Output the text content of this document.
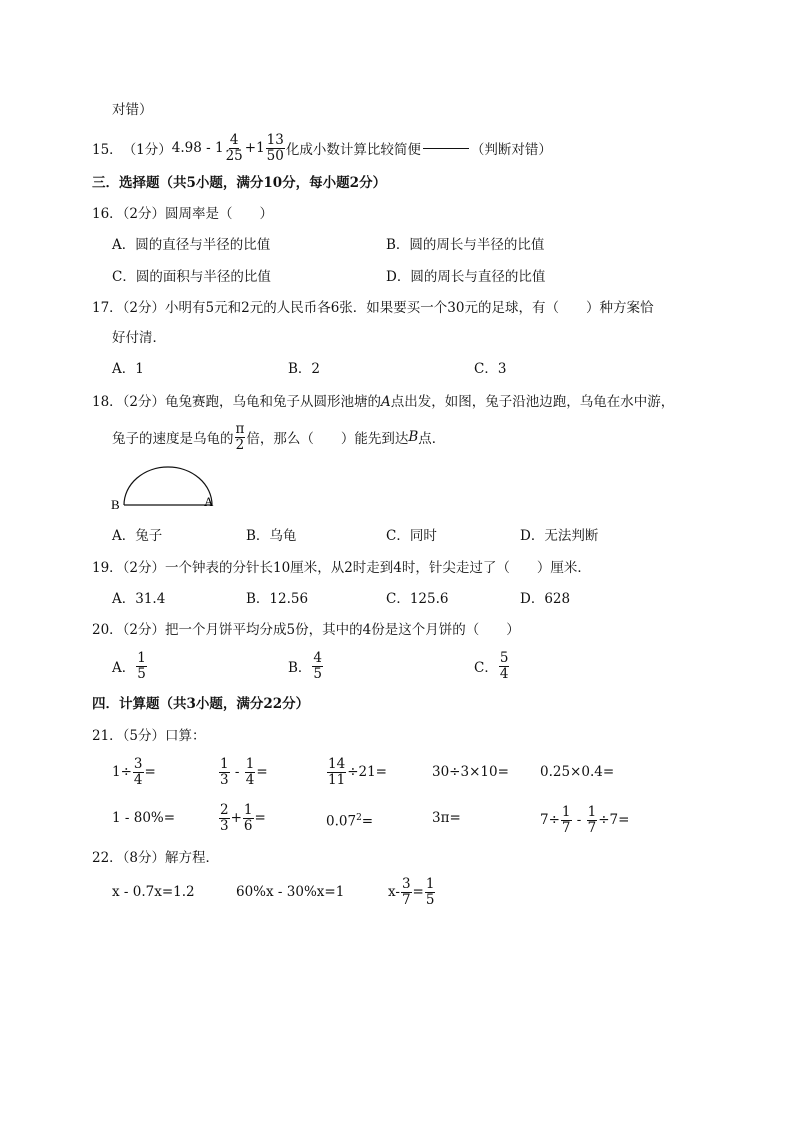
对错）
15． （1分） $4.98 - 1 \frac{4}{25} +1 \frac{13}{50}$ 化成小数计算比较简便	（判断对错）
三．选择题（共5小题，满分10分，每小题2分）
16．（2分）圆周率是（　　）
A．圆的直径与半径的比值	B．圆的周长与半径的比值
C．圆的面积与半径的比值	D．圆的周长与直径的比值
17．（2分）小明有5元和2元的人民币各6张．如果要买一个30元的足球，有（　　）种方案恰
好付清．
A．1	B．2	C．3
18．（2分）龟兔赛跑，乌龟和兔子从圆形池塘的A点出发，如图，兔子沿池边跑，乌龟在水中游，
兔子的速度是乌龟的 $\frac{\pi}{2}$ 倍，那么（　　）能先到达 B 点．
B	A
A．兔子	B．乌龟	C．同时	D．无法判断
19．（2分）一个钟表的分针长10厘米，从2时走到4时，针尖走过了（　　）厘米．
A．31.4	B．12.56	C．125.6	D．628
20．（2分）把一个月饼平均分成5份，其中的4份是这个月饼的（　　）
A． $\frac{1}{5}$	B． $\frac{4}{5}$	C． $\frac{5}{4}$
四．计算题（共3小题，满分22分）
21．（5分）口算：
$1\div \frac{3}{4}$ =	$\frac{1}{3} - \frac{1}{4}$ =	$\frac{14}{11} \div 21=$	30÷3×10= 0.25×0.4=
1 - 80%=	$\frac{2}{3} + \frac{1}{6}$ =	$0.07^2=$	3π=	$7\div \frac{1}{7} - \frac{1}{7} \div 7=$
22．（8分）解方程．
x - 0.7x=1.2	60%x - 30%x=1	$x- \frac{3}{7} = \frac{1}{5}$
